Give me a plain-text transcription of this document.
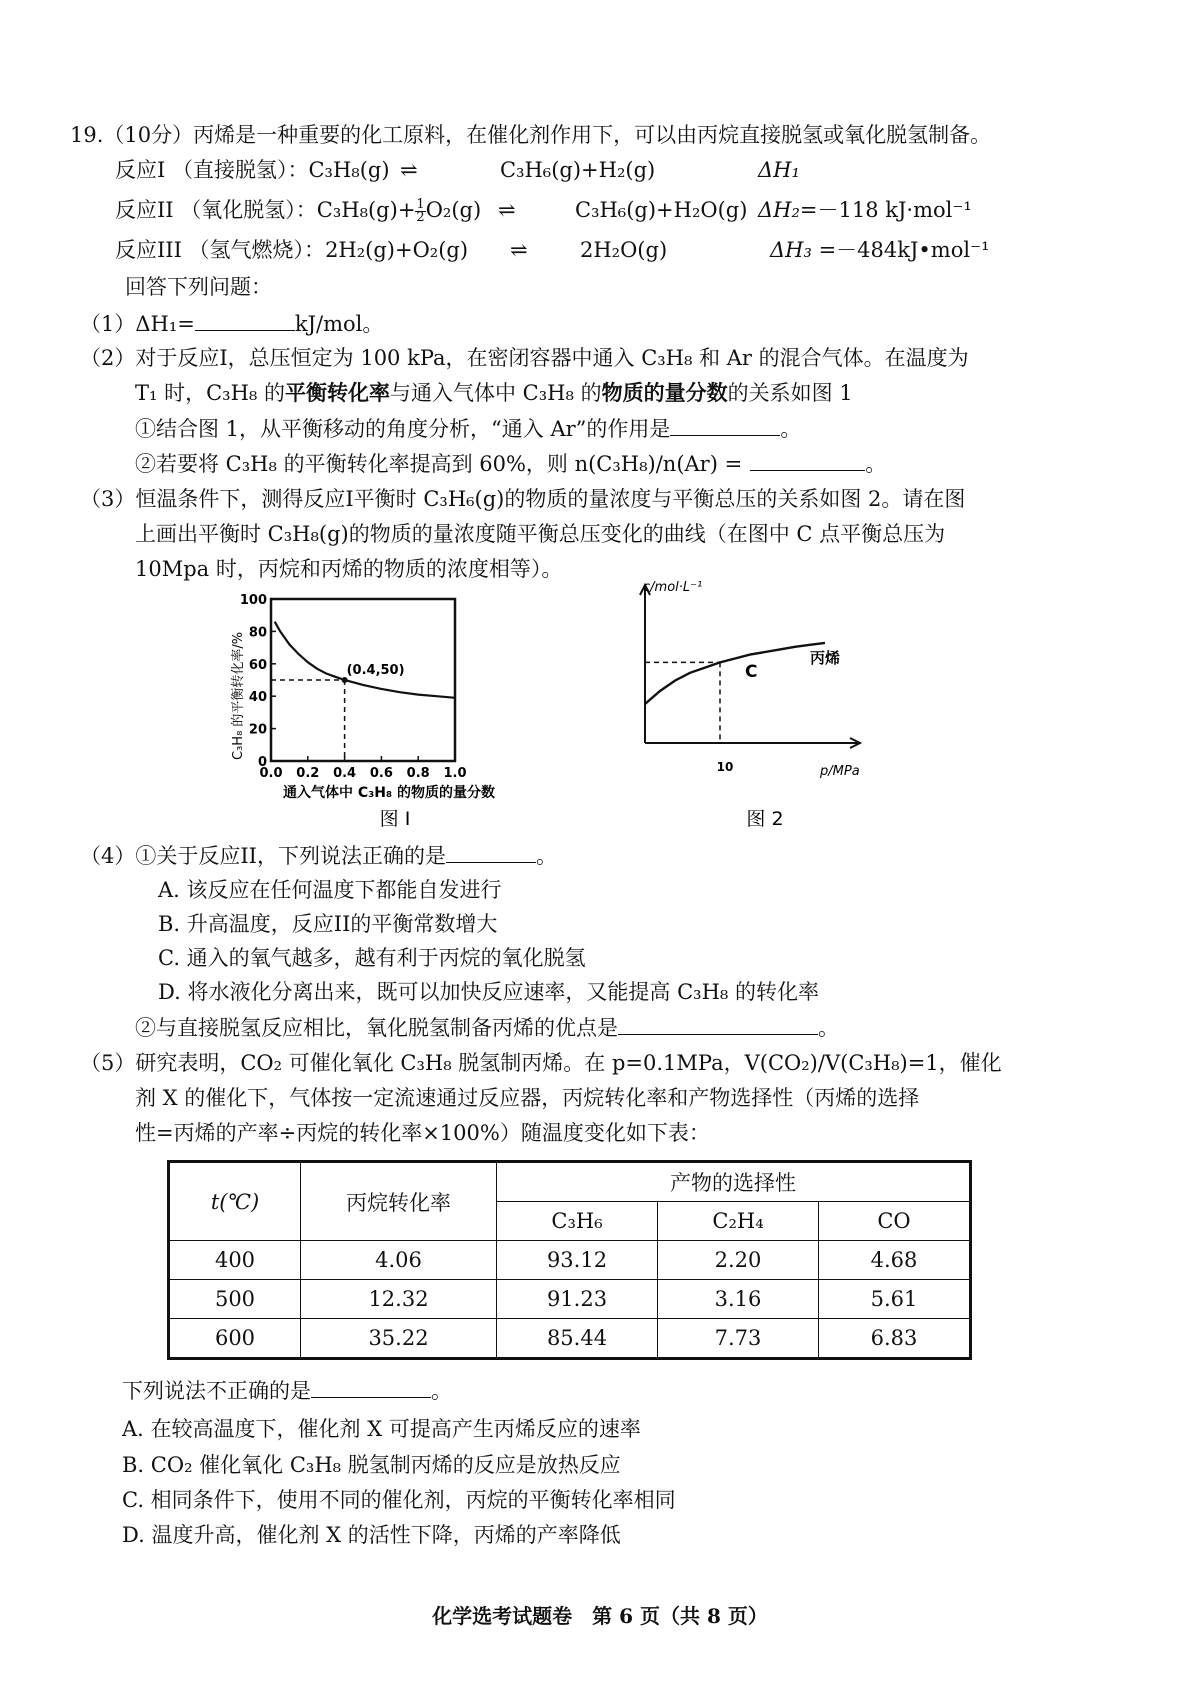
19.（10分）丙烯是一种重要的化工原料，在催化剂作用下，可以由丙烷直接脱氢或氧化脱氢制备。
反应I （直接脱氢）：C₃H₈(g) ⇌	C₃H₆(g)+H₂(g)	ΔH₁
反应II （氧化脱氢）：$C_3H_8(g)+ \frac{1}{2} O_2(g)$ ⇌	C₃H₆(g)+H₂O(g) ΔH₂=－118 kJ·mol⁻¹
反应III （氢气燃烧）：2H₂(g)+O₂(g) ⇌ 2H₂O(g)	ΔH₃ =－484kJ•mol⁻¹
回答下列问题：
（1）ΔH₁=	kJ/mol。
（2）对于反应I，总压恒定为 100 kPa，在密闭容器中通入 C₃H₈ 和 Ar 的混合气体。在温度为
T₁ 时，C₃H₈ 的平衡转化率与通入气体中 C₃H₈ 的物质的量分数的关系如图 1
①结合图 1，从平衡移动的角度分析，“通入 Ar”的作用是	。
②若要将 C₃H₈ 的平衡转化率提高到 60%，则 n(C₃H₈)/n(Ar) =	。
（3）恒温条件下，测得反应I平衡时 C₃H₆(g)的物质的量浓度与平衡总压的关系如图 2。请在图
上画出平衡时 C₃H₈(g)的物质的量浓度随平衡总压变化的曲线（在图中 C 点平衡总压为
10Mpa 时，丙烷和丙烯的物质的浓度相等）。
0
20
40
60
80
100
0.0 0.2 0.4 0.6 0.8 1.0
(0.4,50)
C₃H₈ 的平衡转化率/%
通入气体中 C₃H₈ 的物质的量分数
图 I
c/mol·L⁻¹
p/MPa
10
C
丙烯
图 2
（4）①关于反应II，下列说法正确的是	。
A. 该反应在任何温度下都能自发进行
B. 升高温度，反应II的平衡常数增大
C. 通入的氧气越多，越有利于丙烷的氧化脱氢
D. 将水液化分离出来，既可以加快反应速率，又能提高 C₃H₈ 的转化率
②与直接脱氢反应相比，氧化脱氢制备丙烯的优点是	。
（5）研究表明，CO₂ 可催化氧化 C₃H₈ 脱氢制丙烯。在 p=0.1MPa，V(CO₂)/V(C₃H₈)=1，催化
剂 X 的催化下，气体按一定流速通过反应器，丙烷转化率和产物选择性（丙烯的选择
性=丙烯的产率÷丙烷的转化率×100%）随温度变化如下表：
t(℃)	丙烷转化率	产物的选择性		
		C₃H₆	C₂H₄	CO
400	4.06	93.12	2.20	4.68
500	12.32	91.23	3.16	5.61
600	35.22	85.44	7.73	6.83
下列说法不正确的是	。
A. 在较高温度下，催化剂 X 可提高产生丙烯反应的速率
B. CO₂ 催化氧化 C₃H₈ 脱氢制丙烯的反应是放热反应
C. 相同条件下，使用不同的催化剂，丙烷的平衡转化率相同
D. 温度升高，催化剂 X 的活性下降，丙烯的产率降低
化学选考试题卷　第 6 页（共 8 页）
